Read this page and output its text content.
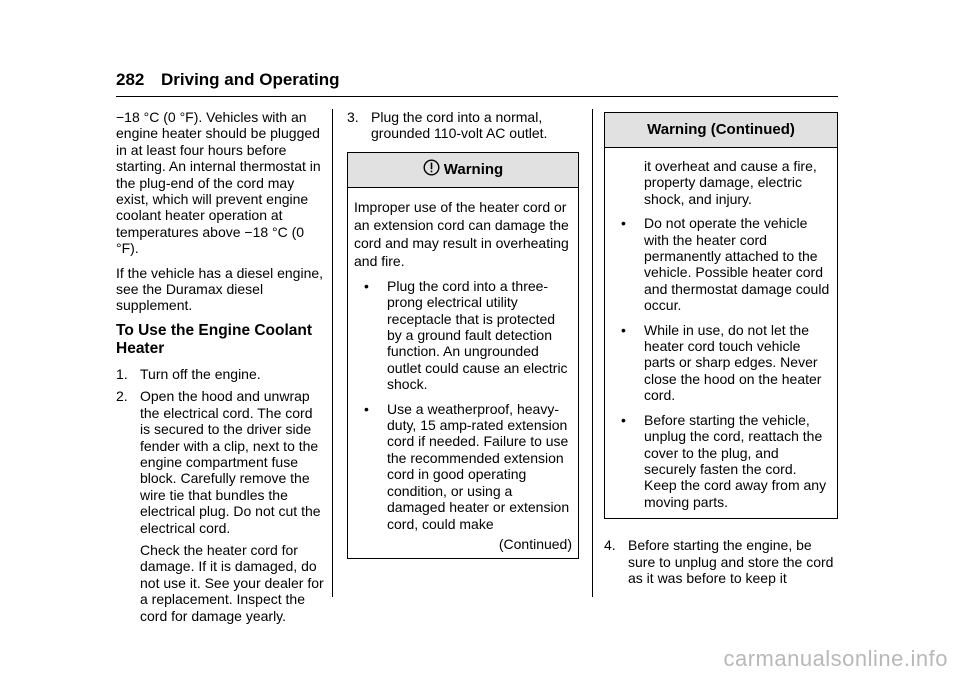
282 Driving and Operating

−18 °C (0 °F). Vehicles with an engine heater should be plugged in at least four hours before starting. An internal thermostat in the plug-end of the cord may exist, which will prevent engine coolant heater operation at temperatures above −18 °C (0 °F).

If the vehicle has a diesel engine, see the Duramax diesel supplement.

To Use the Engine Coolant Heater
1. Turn off the engine.
2. Open the hood and unwrap the electrical cord. The cord is secured to the driver side fender with a clip, next to the engine compartment fuse block. Carefully remove the wire tie that bundles the electrical plug. Do not cut the electrical cord.
Check the heater cord for damage. If it is damaged, do not use it. See your dealer for a replacement. Inspect the cord for damage yearly.
3. Plug the cord into a normal, grounded 110-volt AC outlet.
Warning

Improper use of the heater cord or an extension cord can damage the cord and may result in overheating and fire.

• Plug the cord into a three-prong electrical utility receptacle that is protected by a ground fault detection function. An ungrounded outlet could cause an electric shock.
• Use a weatherproof, heavy-duty, 15 amp-rated extension cord if needed. Failure to use the recommended extension cord in good operating condition, or using a damaged heater or extension cord, could make
(Continued)
Warning (Continued)
it overheat and cause a fire, property damage, electric shock, and injury.
• Do not operate the vehicle with the heater cord permanently attached to the vehicle. Possible heater cord and thermostat damage could occur.
• While in use, do not let the heater cord touch vehicle parts or sharp edges. Never close the hood on the heater cord.
• Before starting the vehicle, unplug the cord, reattach the cover to the plug, and securely fasten the cord. Keep the cord away from any moving parts.
4. Before starting the engine, be sure to unplug and store the cord as it was before to keep it
carmanualsonline.info
